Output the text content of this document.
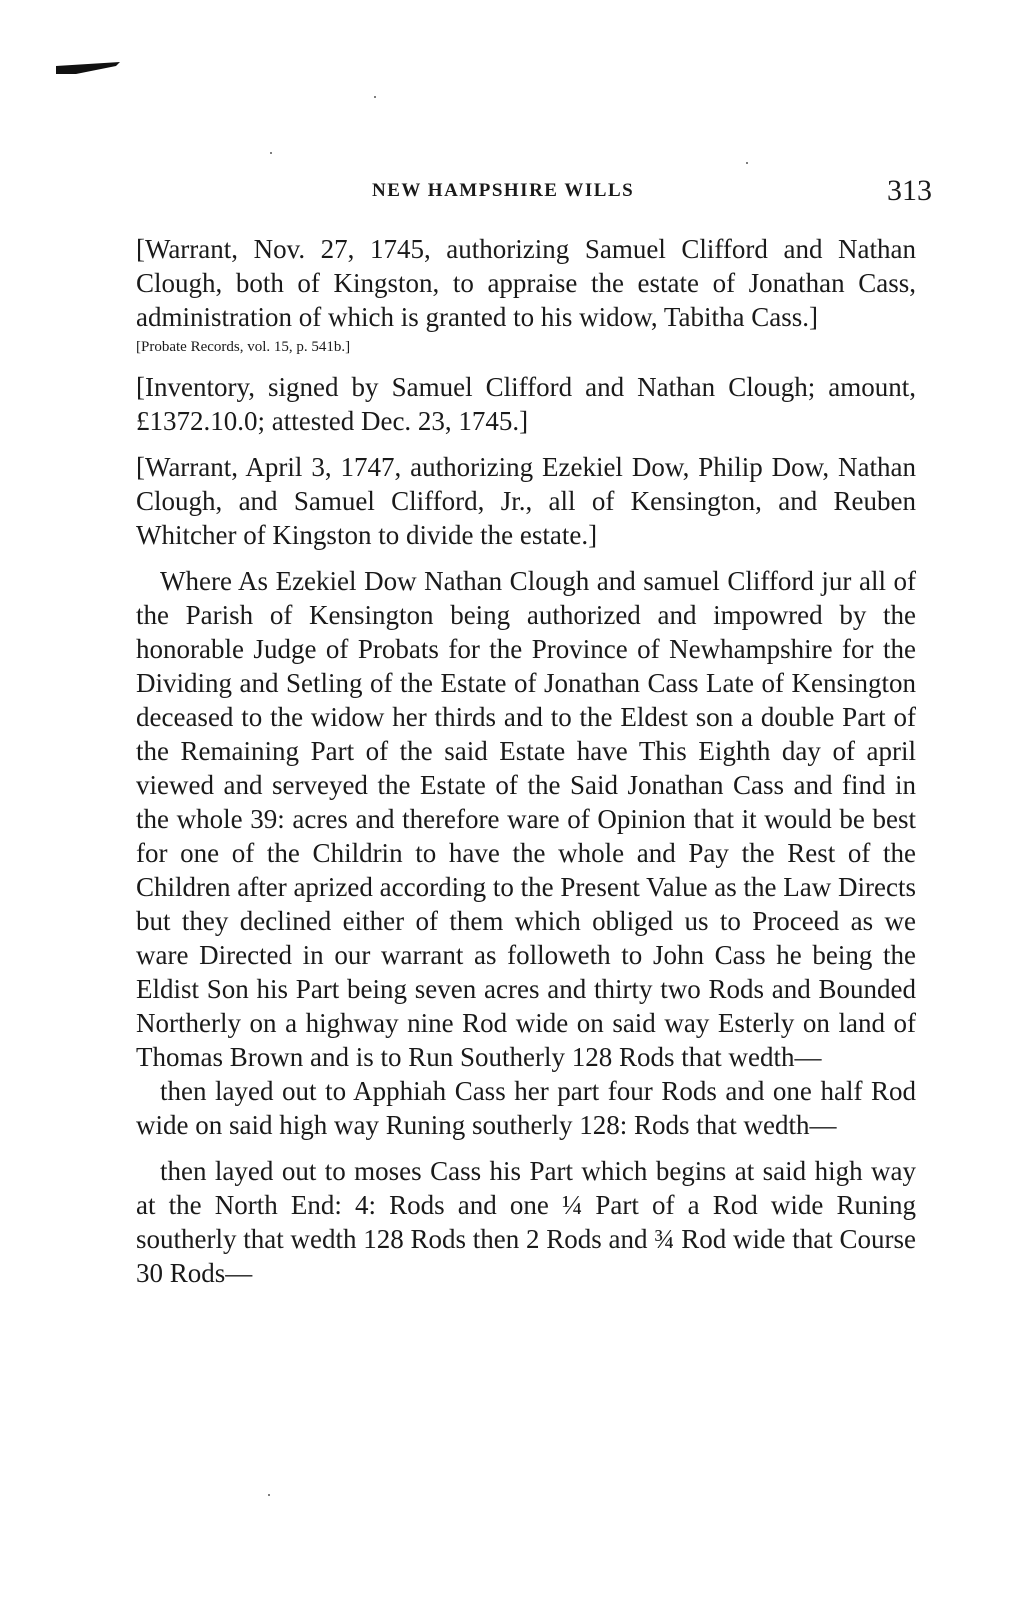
NEW HAMPSHIRE WILLS	313

[Warrant, Nov. 27, 1745, authorizing Samuel Clifford and Nathan Clough, both of Kingston, to appraise the estate of Jonathan Cass, administration of which is granted to his widow, Tabitha Cass.]

[Probate Records, vol. 15, p. 541b.]

[Inventory, signed by Samuel Clifford and Nathan Clough; amount, £1372.10.0; attested Dec. 23, 1745.]

[Warrant, April 3, 1747, authorizing Ezekiel Dow, Philip Dow, Nathan Clough, and Samuel Clifford, Jr., all of Kensington, and Reuben Whitcher of Kingston to divide the estate.]

Where As Ezekiel Dow Nathan Clough and samuel Clifford jur all of the Parish of Kensington being authorized and impowred by the honorable Judge of Probats for the Province of Newhampshire for the Dividing and Setling of the Estate of Jonathan Cass Late of Kensington deceased to the widow her thirds and to the Eldest son a double Part of the Remaining Part of the said Estate have This Eighth day of april viewed and serveyed the Estate of the Said Jonathan Cass and find in the whole 39: acres and therefore ware of Opinion that it would be best for one of the Childrin to have the whole and Pay the Rest of the Children after aprized according to the Present Value as the Law Directs but they declined either of them which obliged us to Proceed as we ware Directed in our warrant as followeth to John Cass he being the Eldist Son his Part being seven acres and thirty two Rods and Bounded Northerly on a highway nine Rod wide on said way Esterly on land of Thomas Brown and is to Run Southerly 128 Rods that wedth—

then layed out to Apphiah Cass her part four Rods and one half Rod wide on said high way Runing southerly 128: Rods that wedth—

then layed out to moses Cass his Part which begins at said high way at the North End: 4: Rods and one ¼ Part of a Rod wide Runing southerly that wedth 128 Rods then 2 Rods and ¾ Rod wide that Course 30 Rods—
